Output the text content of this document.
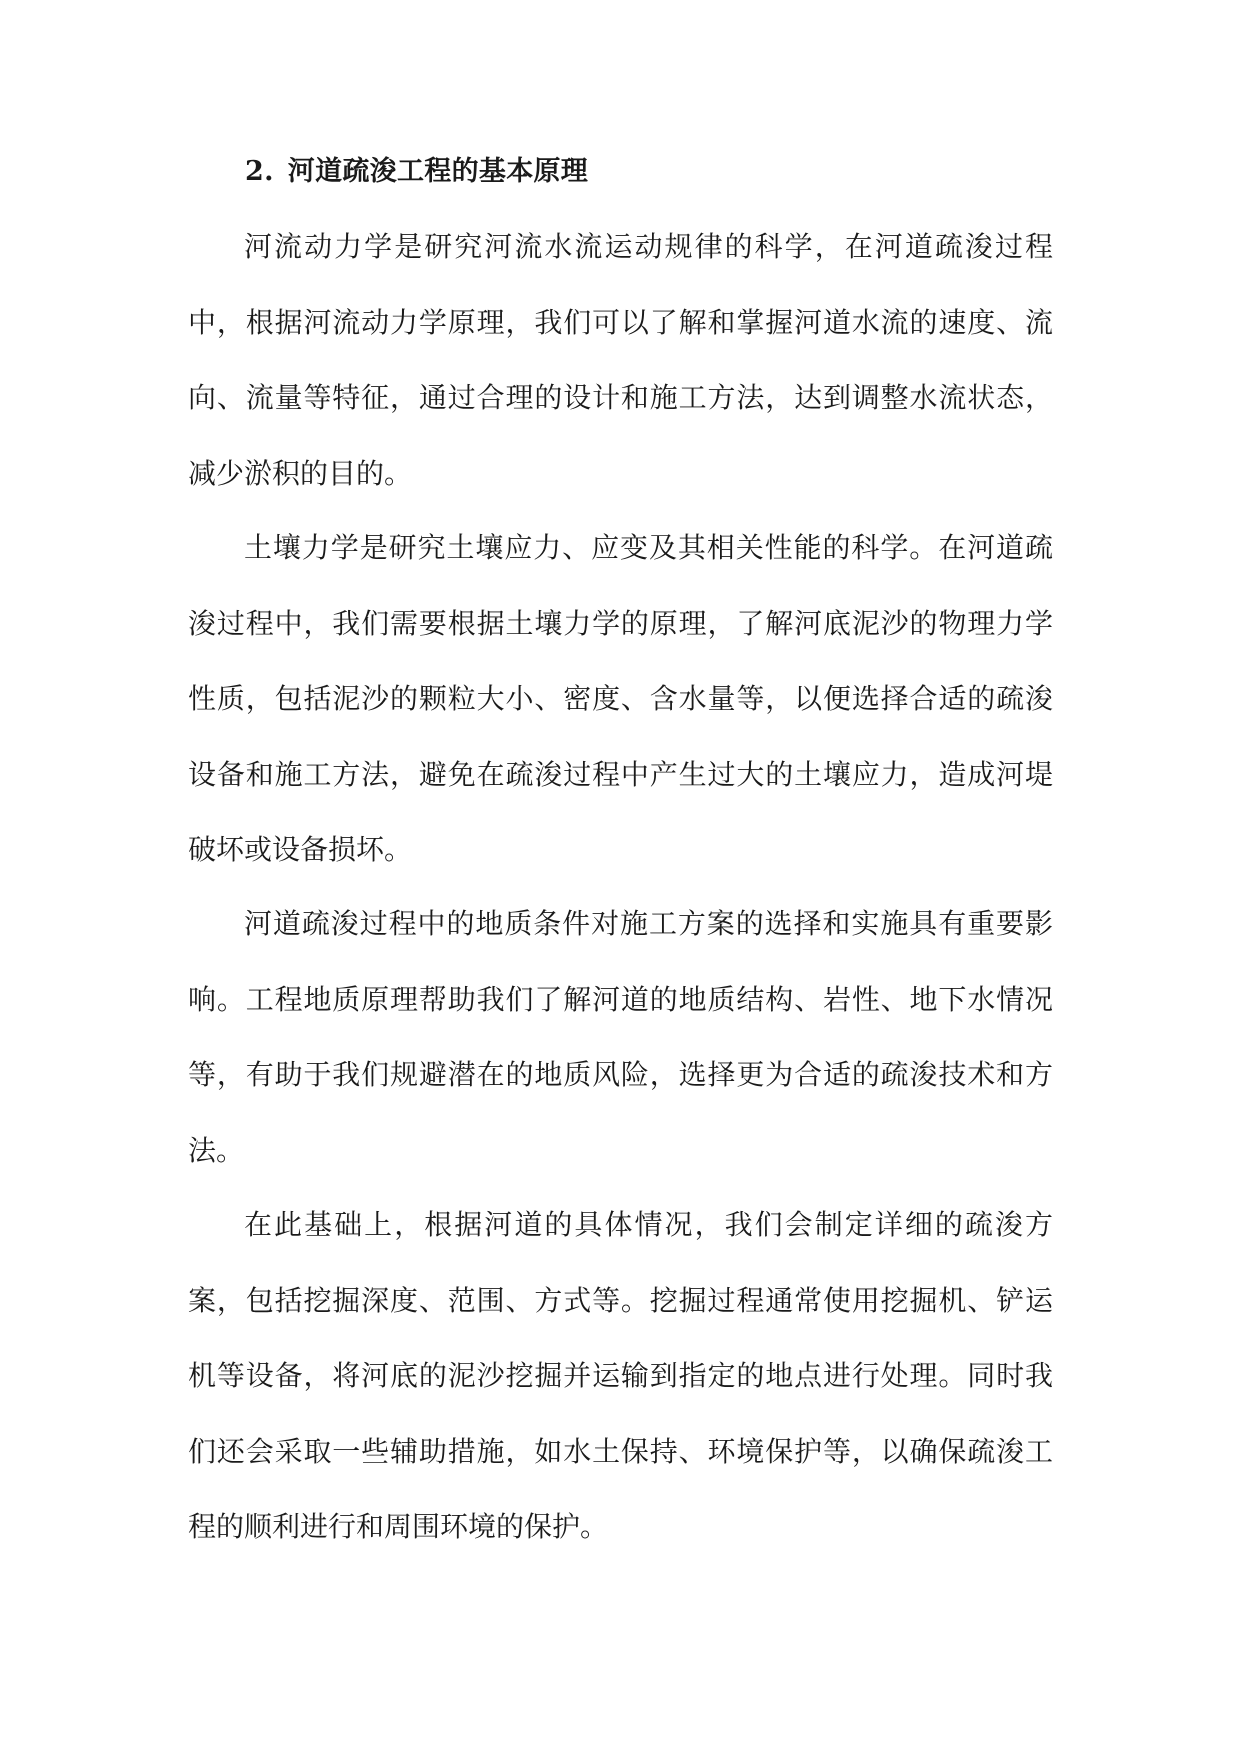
2. 河道疏浚工程的基本原理

河流动力学是研究河流水流运动规律的科学，在河道疏浚过程中，根据河流动力学原理，我们可以了解和掌握河道水流的速度、流向、流量等特征，通过合理的设计和施工方法，达到调整水流状态，减少淤积的目的。

土壤力学是研究土壤应力、应变及其相关性能的科学。在河道疏浚过程中，我们需要根据土壤力学的原理，了解河底泥沙的物理力学性质，包括泥沙的颗粒大小、密度、含水量等，以便选择合适的疏浚设备和施工方法，避免在疏浚过程中产生过大的土壤应力，造成河堤破坏或设备损坏。

河道疏浚过程中的地质条件对施工方案的选择和实施具有重要影响。工程地质原理帮助我们了解河道的地质结构、岩性、地下水情况等，有助于我们规避潜在的地质风险，选择更为合适的疏浚技术和方法。

在此基础上，根据河道的具体情况，我们会制定详细的疏浚方案，包括挖掘深度、范围、方式等。挖掘过程通常使用挖掘机、铲运机等设备，将河底的泥沙挖掘并运输到指定的地点进行处理。同时我们还会采取一些辅助措施，如水土保持、环境保护等，以确保疏浚工程的顺利进行和周围环境的保护。
